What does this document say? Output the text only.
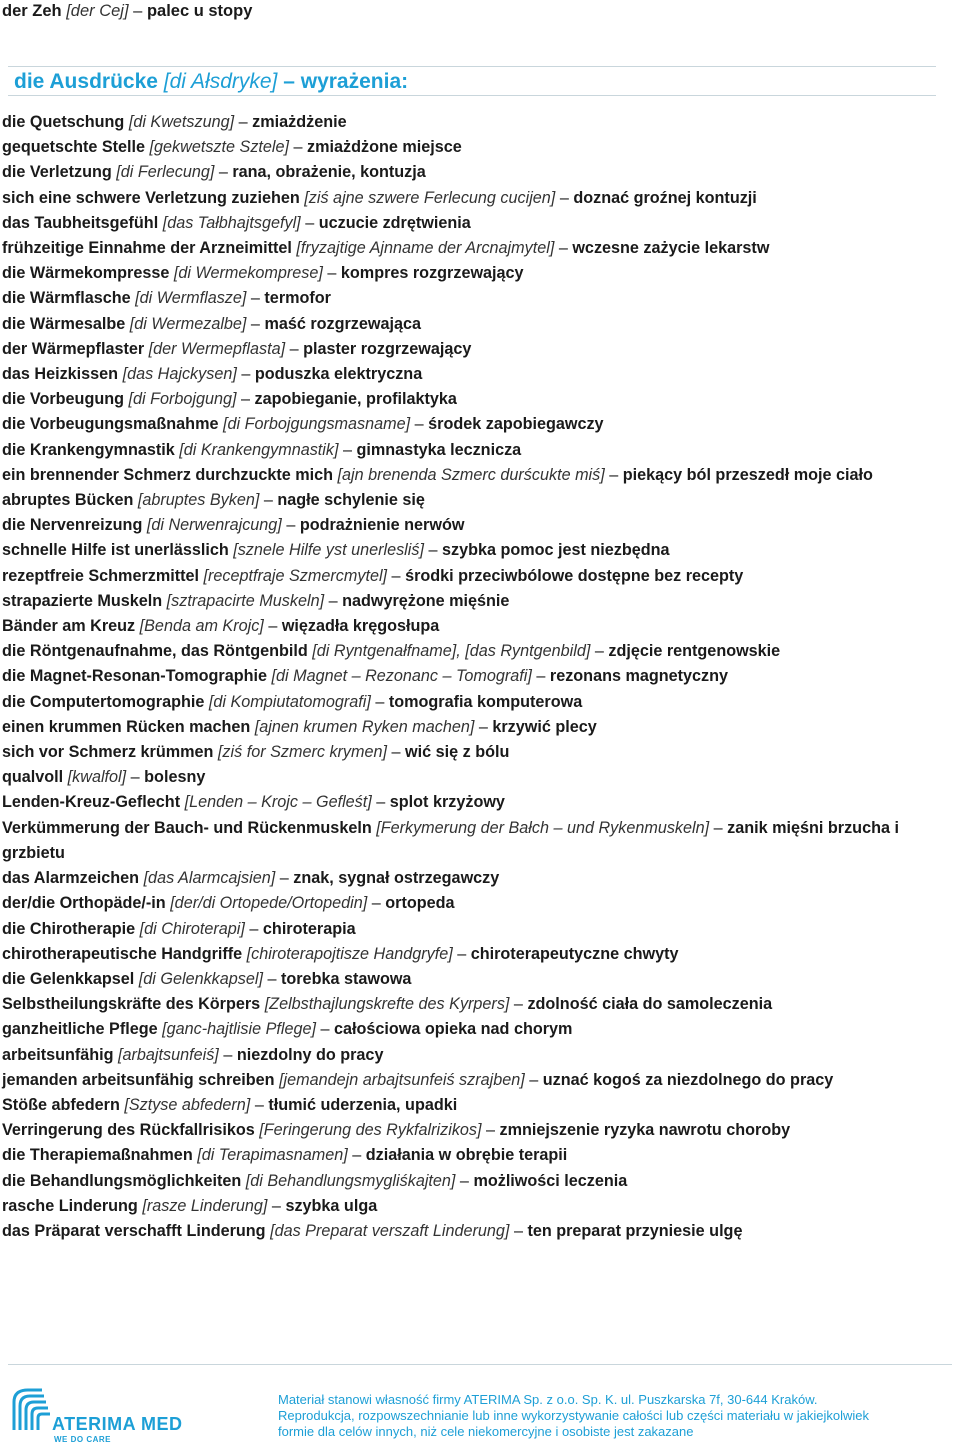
der Zeh [der Cej] – palec u stopy
die Ausdrücke [di Ałsdryke] – wyrażenia:
die Quetschung [di Kwetszung] – zmiażdżenie
gequetschte Stelle [gekwetszte Sztele] – zmiażdżone miejsce
die Verletzung [di Ferlecung] – rana, obrażenie, kontuzja
sich eine schwere Verletzung zuziehen [ziś ajne szwere Ferlecung cucijen] – doznać groźnej kontuzji
das Taubheitsgefühl [das Tałbhajtsgefyl] – uczucie zdrętwienia
frühzeitige Einnahme der Arzneimittel [fryzajtige Ajnname der Arcnajmytel] – wczesne zażycie lekarstw
die Wärmekompresse [di Wermekomprese] – kompres rozgrzewający
die Wärmflasche [di Wermflasze] – termofor
die Wärmesalbe [di Wermezalbe] – maść rozgrzewająca
der Wärmepflaster [der Wermepflasta] – plaster rozgrzewający
das Heizkissen [das Hajckysen] – poduszka elektryczna
die Vorbeugung [di Forbojgung] – zapobieganie, profilaktyka
die Vorbeugungsmaßnahme [di Forbojgungsmasname] – środek zapobiegawczy
die Krankengymnastik [di Krankengymnastik] – gimnastyka lecznicza
ein brennender Schmerz durchzuckte mich [ajn brenenda Szmerc durścukte miś] – piekący ból przeszedł moje ciało
abruptes Bücken [abruptes Byken] – nagłe schylenie się
die Nervenreizung [di Nerwenrajcung] – podrażnienie nerwów
schnelle Hilfe ist unerlässlich [sznele Hilfe yst unerlesliś] – szybka pomoc jest niezbędna
rezeptfreie Schmerzmittel [receptfraje Szmercmytel] – środki przeciwbólowe dostępne bez recepty
strapazierte Muskeln [sztrapacirte Muskeln] – nadwyrężone mięśnie
Bänder am Kreuz [Benda am Krojc] – więzadła kręgosłupa
die Röntgenaufnahme, das Röntgenbild [di Ryntgenałfname], [das Ryntgenbild] – zdjęcie rentgenowskie
die Magnet-Resonan-Tomographie [di Magnet – Rezonanc – Tomografi] – rezonans magnetyczny
die Computertomographie [di Kompiutatomografi] – tomografia komputerowa
einen krummen Rücken machen [ajnen krumen Ryken machen] – krzywić plecy
sich vor Schmerz krümmen [ziś for Szmerc krymen] – wić się z bólu
qualvoll [kwalfol] – bolesny
Lenden-Kreuz-Geflecht [Lenden – Krojc – Gefleśt] – splot krzyżowy
Verkümmerung der Bauch- und Rückenmuskeln [Ferkymerung der Bałch – und Rykenmuskeln] – zanik mięśni brzucha i grzbietu
das Alarmzeichen [das Alarmcajsien] – znak, sygnał ostrzegawczy
der/die Orthopäde/-in [der/di Ortopede/Ortopedin] – ortopeda
die Chirotherapie [di Chiroterapi] – chiroterapia
chirotherapeutische Handgriffe [chiroterapojtisze Handgryfe] – chiroterapeutyczne chwyty
die Gelenkkapsel [di Gelenkkapsel] – torebka stawowa
Selbstheilungskräfte des Körpers [Zelbsthajlungskrefte des Kyrpers] – zdolność ciała do samoleczenia
ganzheitliche Pflege [ganc-hajtlisie Pflege] – całościowa opieka nad chorym
arbeitsunfähig [arbajtsunfeiś] – niezdolny do pracy
jemanden arbeitsunfähig schreiben [jemandejn arbajtsunfeiś szrajben] – uznać kogoś za niezdolnego do pracy
Stöße abfedern [Sztyse abfedern] – tłumić uderzenia, upadki
Verringerung des Rückfallrisikos [Feringerung des Rykfalrizikos] – zmniejszenie ryzyka nawrotu choroby
die Therapiemaßnahmen [di Terapimasnamen] – działania w obrębie terapii
die Behandlungsmöglichkeiten [di Behandlungsmygliśkajten] – możliwości leczenia
rasche Linderung [rasze Linderung] – szybka ulga
das Präparat verschafft Linderung [das Preparat verszaft Linderung] – ten preparat przyniesie ulgę
ATERIMA MED
WE DO CARE
Materiał stanowi własność firmy ATERIMA Sp. z o.o. Sp. K. ul. Puszkarska 7f, 30-644 Kraków.
Reprodukcja, rozpowszechnianie lub inne wykorzystywanie całości lub części materiału w jakiejkolwiek
formie dla celów innych, niż cele niekomercyjne i osobiste jest zakazane
